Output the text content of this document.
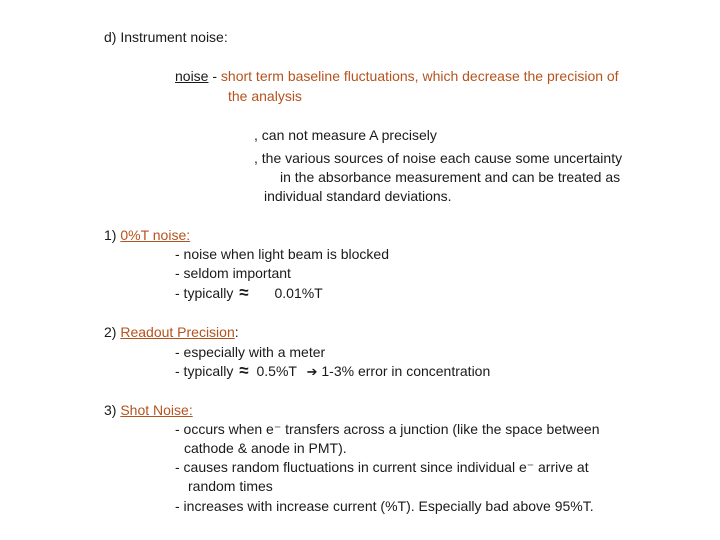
d) Instrument noise:
noise - short term baseline fluctuations, which decrease the precision of
the analysis
, can not measure A precisely
, the various sources of noise each cause some uncertainty
in the absorbance measurement and can be treated as
individual standard deviations.
1) 0%T noise:
- noise when light beam is blocked
- seldom important
- typically ≈ 0.01%T
2) Readout Precision:
- especially with a meter
- typically ≈ 0.5%T ➔ 1-3% error in concentration
3) Shot Noise:
- occurs when e⁻ transfers across a junction (like the space between
cathode & anode in PMT).
- causes random fluctuations in current since individual e⁻ arrive at
random times
- increases with increase current (%T). Especially bad above 95%T.
